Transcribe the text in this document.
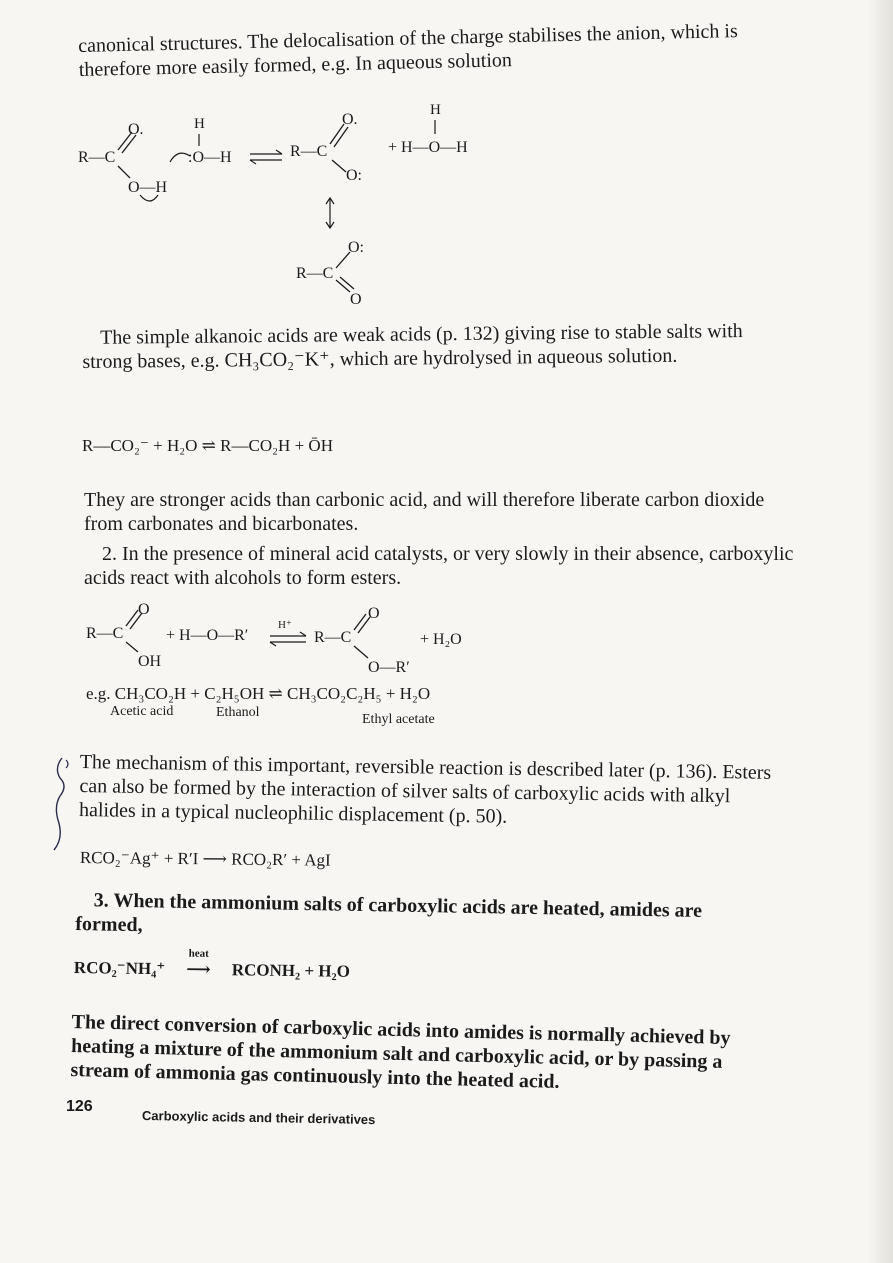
canonical structures. The delocalisation of the charge stabilises the anion, which is therefore more easily formed, e.g. In aqueous solution

R—C
O.
O—H
H
:O—H	R—C
O.
O:
H
+ H—O—H
R—C
O:
O

The simple alkanoic acids are weak acids (p. 132) giving rise to stable salts with strong bases, e.g. CH₃CO₂⁻K⁺, which are hydrolysed in aqueous solution.

R—CO₂⁻ + H₂O ⇌ R—CO₂H + ŌH

They are stronger acids than carbonic acid, and will therefore liberate carbon dioxide from carbonates and bicarbonates.

2. In the presence of mineral acid catalysts, or very slowly in their absence, carboxylic acids react with alcohols to form esters.

R—C
O
OH
+ H—O—R′
H⁺
R—C
O
O—R′
+ H₂O
e.g. CH₃CO₂H + C₂H₅OH ⇌ CH₃CO₂C₂H₅ + H₂O
Acetic acid	Ethanol	Ethyl acetate

The mechanism of this important, reversible reaction is described later (p. 136). Esters can also be formed by the interaction of silver salts of carboxylic acids with alkyl halides in a typical nucleophilic displacement (p. 50).

RCO₂⁻Ag⁺ + R′I ⟶ RCO₂R′ + AgI

3. When the ammonium salts of carboxylic acids are heated, amides are formed,

RCO₂⁻NH₄⁺
heat
⟶ RCONH₂ + H₂O

The direct conversion of carboxylic acids into amides is normally achieved by heating a mixture of the ammonium salt and carboxylic acid, or by passing a stream of ammonia gas continuously into the heated acid.

126
Carboxylic acids and their derivatives
